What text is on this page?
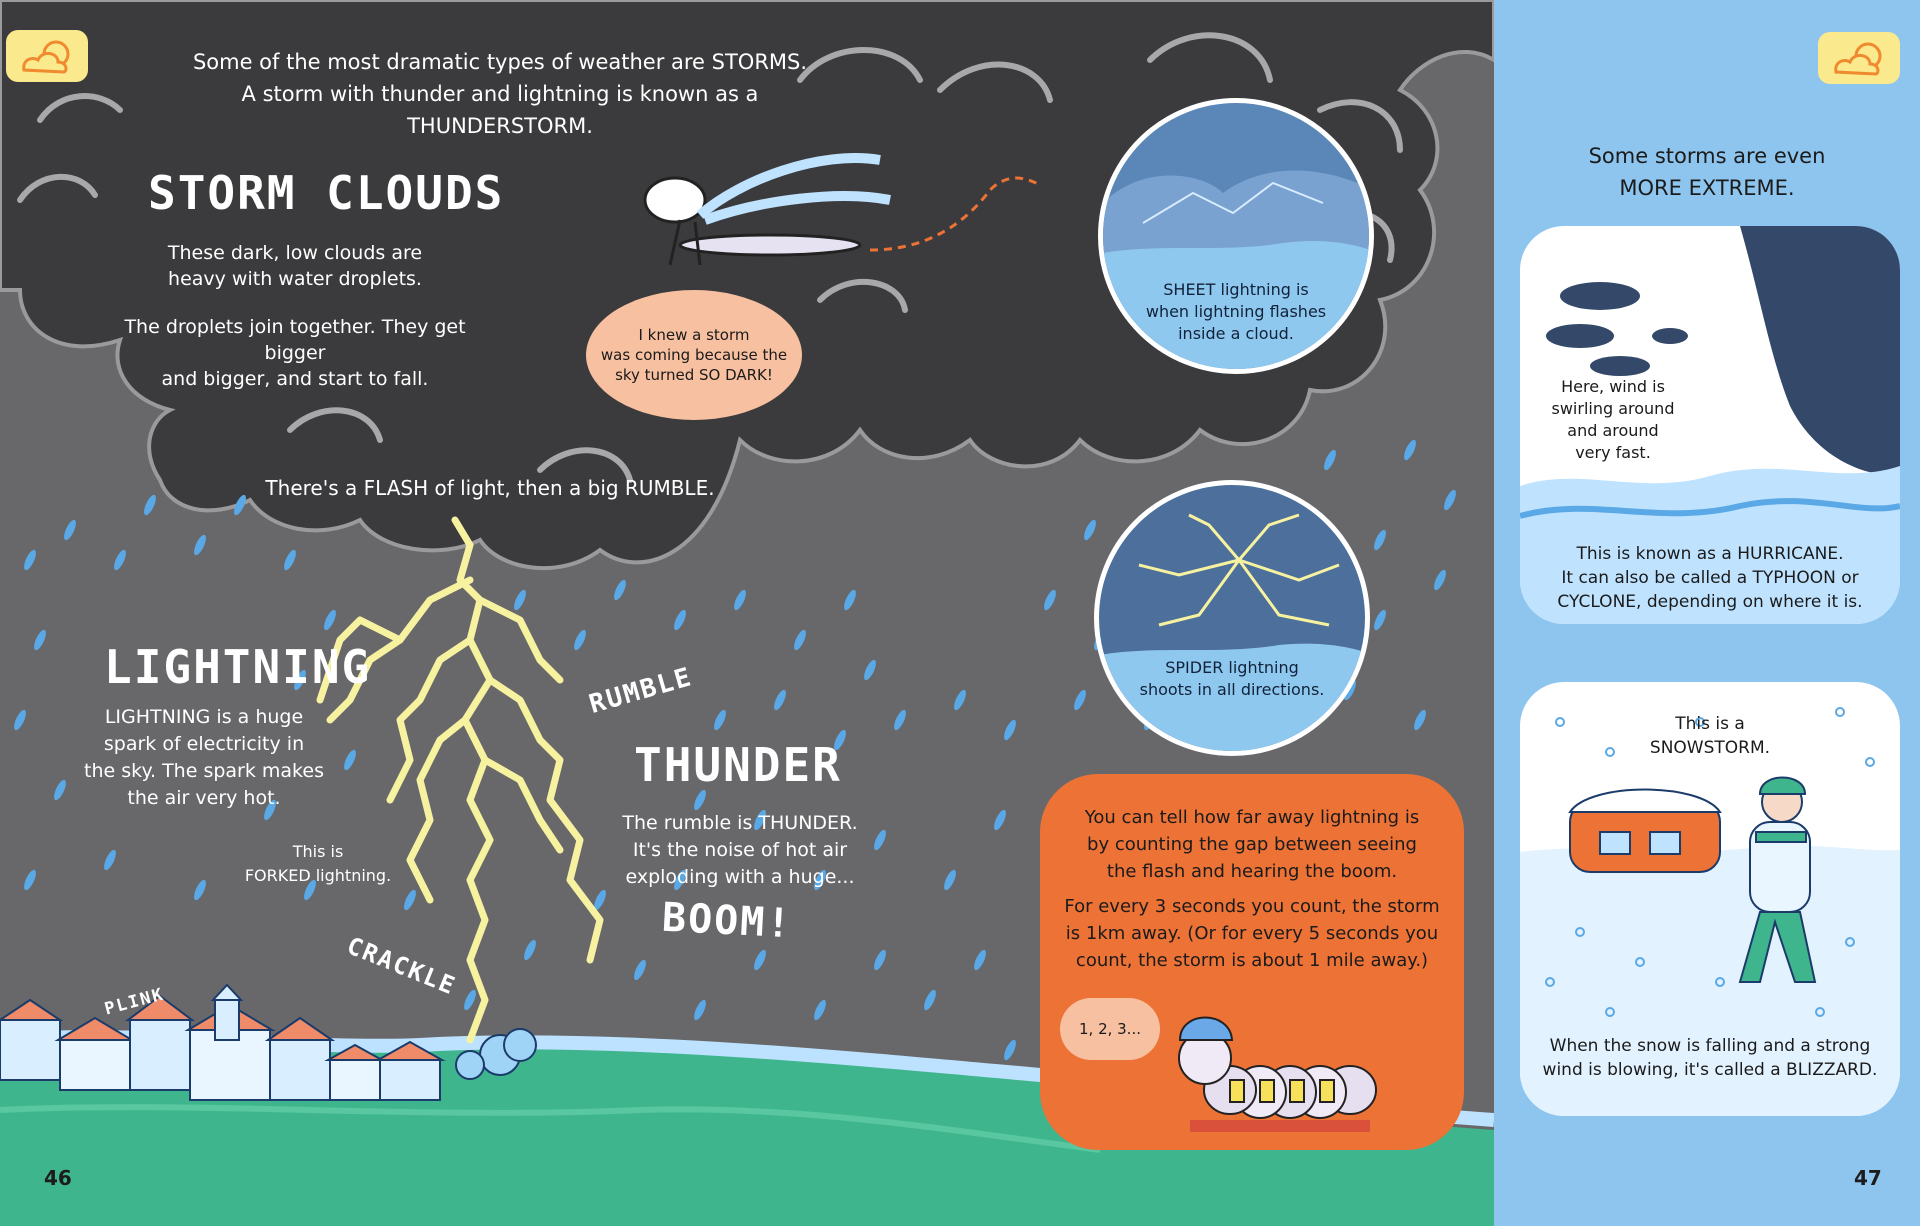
Some of the most dramatic types of weather are STORMS.
A storm with thunder and lightning is known as a THUNDERSTORM.
STORM CLOUDS
These dark, low clouds are
heavy with water droplets.
The droplets join together. They get bigger
and bigger, and start to fall.
I knew a storm
was coming because the
sky turned SO DARK!
SHEET lightning is
when lightning flashes
inside a cloud.
There's a FLASH of light, then a big RUMBLE.
SPIDER lightning
shoots in all directions.
LIGHTNING
LIGHTNING is a huge
spark of electricity in
the sky. The spark makes
the air very hot.
This is
FORKED lightning.
RUMBLE
CRACKLE
PLINK
THUNDER
The rumble is THUNDER.
It's the noise of hot air
exploding with a huge...
BOOM!
You can tell how far away lightning is
by counting the gap between seeing
the flash and hearing the boom.
For every 3 seconds you count, the storm
is 1km away. (Or for every 5 seconds you
count, the storm is about 1 mile away.)
1, 2, 3...
46
Some storms are even
MORE EXTREME.
Here, wind is
swirling around
and around
very fast.
This is known as a HURRICANE.
It can also be called a TYPHOON or
CYCLONE, depending on where it is.
This is a
SNOWSTORM.
When the snow is falling and a strong
wind is blowing, it's called a BLIZZARD.
47
